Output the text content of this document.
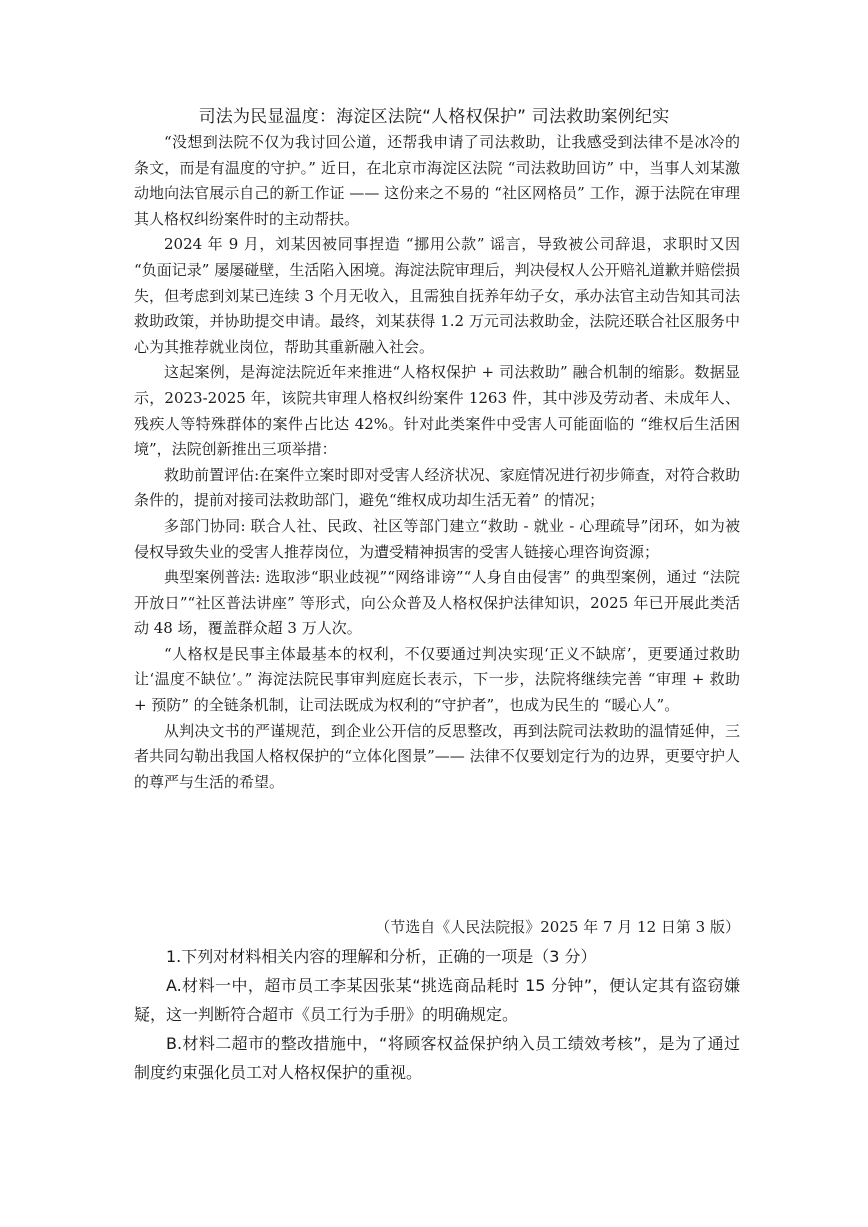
司法为民显温度：海淀区法院“人格权保护” 司法救助案例纪实

“没想到法院不仅为我讨回公道，还帮我申请了司法救助，让我感受到法律不是冰冷的条文，而是有温度的守护。” 近日，在北京市海淀区法院 “司法救助回访” 中，当事人刘某激动地向法官展示自己的新工作证 —— 这份来之不易的 “社区网格员” 工作，源于法院在审理其人格权纠纷案件时的主动帮扶。

2024 年 9 月，刘某因被同事捏造 “挪用公款” 谣言，导致被公司辞退，求职时又因 “负面记录” 屡屡碰壁，生活陷入困境。海淀法院审理后，判决侵权人公开赔礼道歉并赔偿损失，但考虑到刘某已连续 3 个月无收入，且需独自抚养年幼子女，承办法官主动告知其司法救助政策，并协助提交申请。最终，刘某获得 1.2 万元司法救助金，法院还联合社区服务中心为其推荐就业岗位，帮助其重新融入社会。

这起案例，是海淀法院近年来推进“人格权保护 + 司法救助” 融合机制的缩影。数据显示，2023-2025 年，该院共审理人格权纠纷案件 1263 件，其中涉及劳动者、未成年人、残疾人等特殊群体的案件占比达 42%。针对此类案件中受害人可能面临的 “维权后生活困境”，法院创新推出三项举措：

救助前置评估:在案件立案时即对受害人经济状况、家庭情况进行初步筛查，对符合救助条件的，提前对接司法救助部门，避免“维权成功却生活无着” 的情况；

多部门协同: 联合人社、民政、社区等部门建立“救助 - 就业 - 心理疏导”闭环，如为被侵权导致失业的受害人推荐岗位，为遭受精神损害的受害人链接心理咨询资源；

典型案例普法: 选取涉“职业歧视”“网络诽谤”“人身自由侵害” 的典型案例，通过 “法院开放日”“社区普法讲座” 等形式，向公众普及人格权保护法律知识，2025 年已开展此类活动 48 场，覆盖群众超 3 万人次。

“人格权是民事主体最基本的权利，不仅要通过判决实现‘正义不缺席’，更要通过救助让‘温度不缺位’。” 海淀法院民事审判庭庭长表示，下一步，法院将继续完善 “审理 + 救助 + 预防” 的全链条机制，让司法既成为权利的“守护者”，也成为民生的 “暖心人”。

从判决文书的严谨规范，到企业公开信的反思整改，再到法院司法救助的温情延伸，三者共同勾勒出我国人格权保护的“立体化图景”—— 法律不仅要划定行为的边界，更要守护人的尊严与生活的希望。

（节选自《人民法院报》2025 年 7 月 12 日第 3 版）

1.下列对材料相关内容的理解和分析，正确的一项是（3 分）

A.材料一中，超市员工李某因张某“挑选商品耗时 15 分钟”，便认定其有盗窃嫌疑，这一判断符合超市《员工行为手册》的明确规定。

B.材料二超市的整改措施中，“将顾客权益保护纳入员工绩效考核”，是为了通过制度约束强化员工对人格权保护的重视。
